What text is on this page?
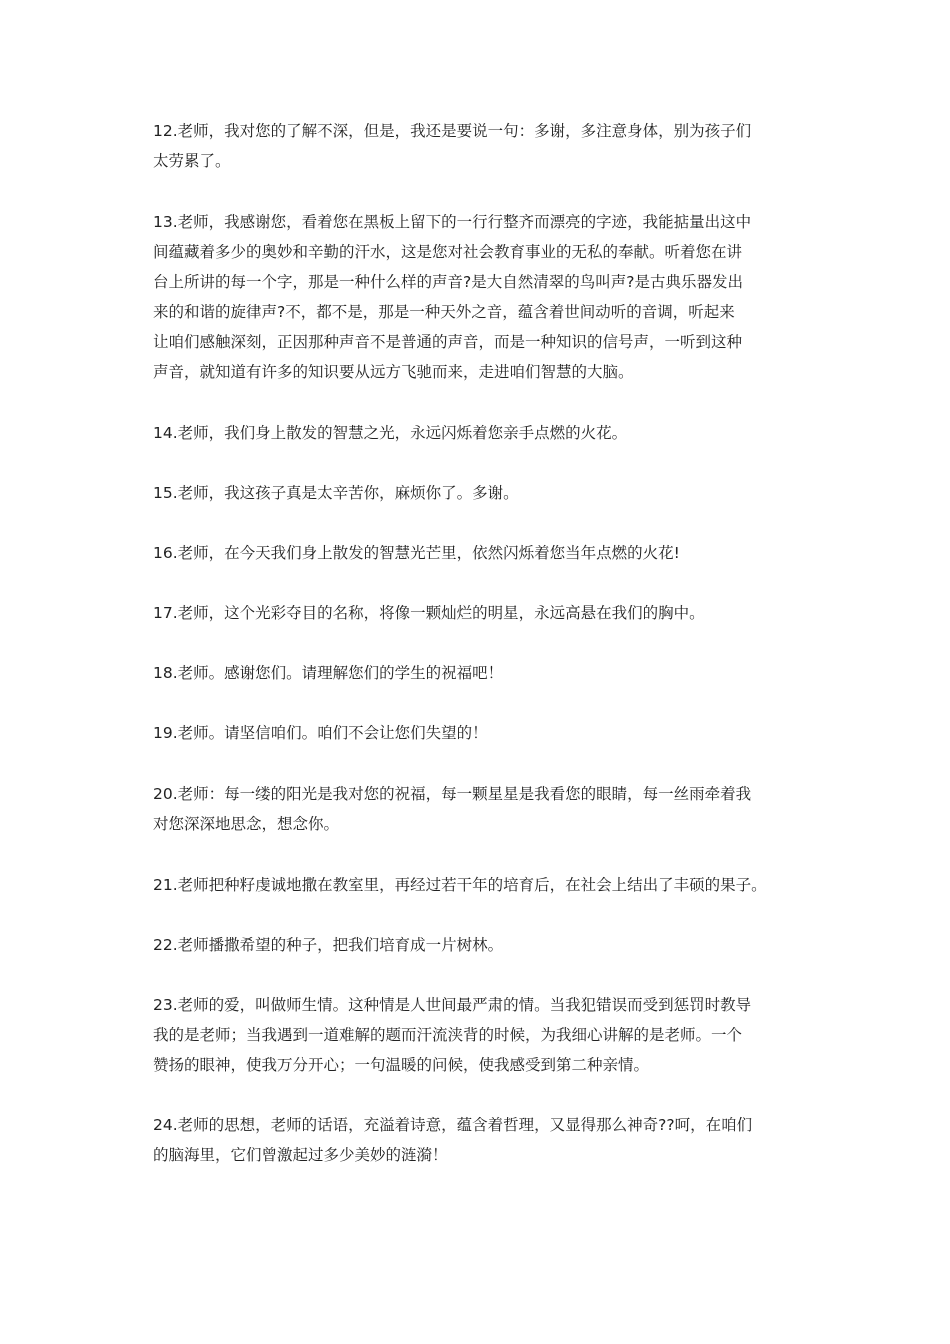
12.老师，我对您的了解不深，但是，我还是要说一句：多谢，多注意身体，别为孩子们
太劳累了。

13.老师，我感谢您，看着您在黑板上留下的一行行整齐而漂亮的字迹，我能掂量出这中
间蕴藏着多少的奥妙和辛勤的汗水，这是您对社会教育事业的无私的奉献。听着您在讲
台上所讲的每一个字，那是一种什么样的声音?是大自然清翠的鸟叫声?是古典乐器发出
来的和谐的旋律声?不，都不是，那是一种天外之音，蕴含着世间动听的音调，听起来
让咱们感触深刻，正因那种声音不是普通的声音，而是一种知识的信号声，一听到这种
声音，就知道有许多的知识要从远方飞驰而来，走进咱们智慧的大脑。

14.老师，我们身上散发的智慧之光，永远闪烁着您亲手点燃的火花。

15.老师，我这孩子真是太辛苦你，麻烦你了。多谢。

16.老师，在今天我们身上散发的智慧光芒里，依然闪烁着您当年点燃的火花!

17.老师，这个光彩夺目的名称，将像一颗灿烂的明星，永远高悬在我们的胸中。

18.老师。感谢您们。请理解您们的学生的祝福吧！

19.老师。请坚信咱们。咱们不会让您们失望的！

20.老师：每一缕的阳光是我对您的祝福，每一颗星星是我看您的眼睛，每一丝雨牵着我
对您深深地思念，想念你。

21.老师把种籽虔诚地撒在教室里，再经过若干年的培育后，在社会上结出了丰硕的果子。

22.老师播撒希望的种子，把我们培育成一片树林。

23.老师的爱，叫做师生情。这种情是人世间最严肃的情。当我犯错误而受到惩罚时教导
我的是老师；当我遇到一道难解的题而汗流浃背的时候，为我细心讲解的是老师。一个
赞扬的眼神，使我万分开心；一句温暖的问候，使我感受到第二种亲情。

24.老师的思想，老师的话语，充溢着诗意，蕴含着哲理，又显得那么神奇??呵，在咱们
的脑海里，它们曾激起过多少美妙的涟漪！
